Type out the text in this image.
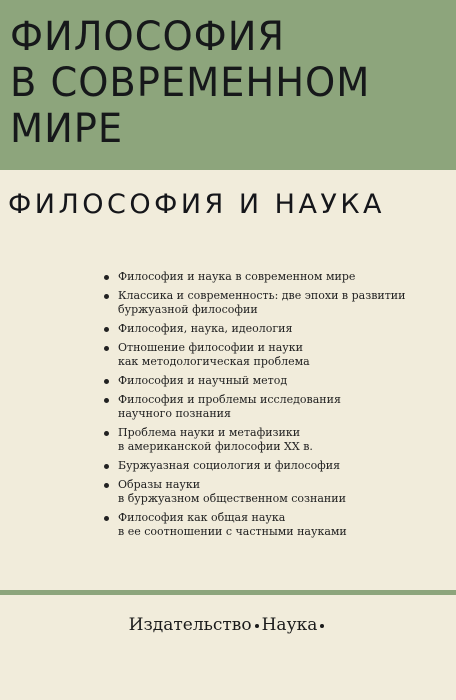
ФИЛОСОФИЯ
В СОВРЕМЕННОМ
МИРЕ
ФИЛОСОФИЯ И НАУКА
Философия и наука в современном мире
Классика и современность: две эпохи в развитии
буржуазной философии
Философия, наука, идеология
Отношение философии и науки
как методологическая проблема
Философия и научный метод
Философия и проблемы исследования
научного познания
Проблема науки и метафизики
в американской философии XX в.
Буржуазная социология и философия
Образы науки
в буржуазном общественном сознании
Философия как общая наука
в ее соотношении с частными науками
Издательство Наука
